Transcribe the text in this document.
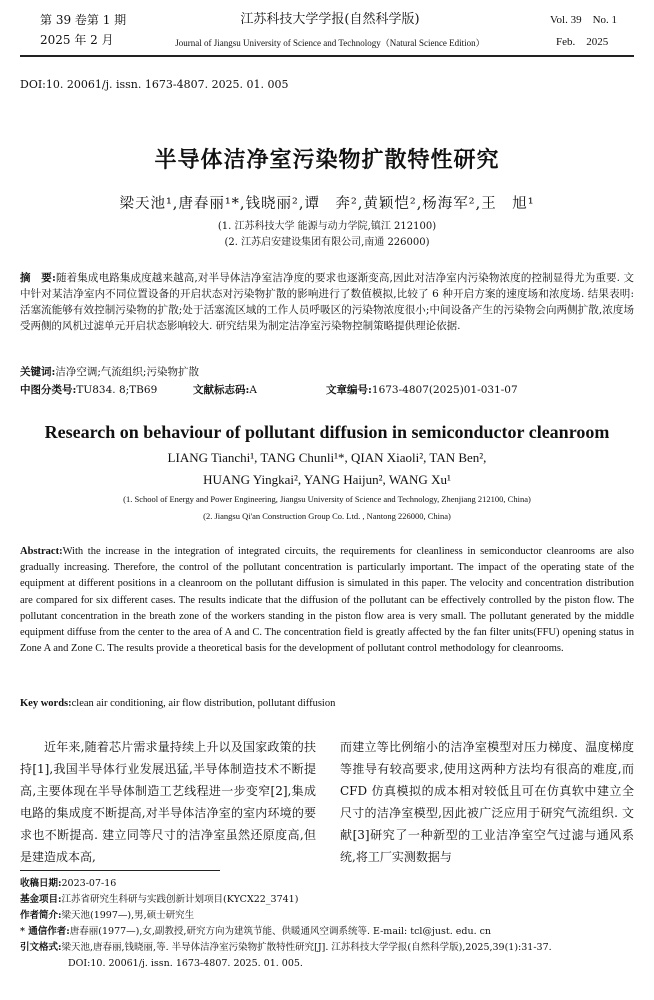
第 39 卷第 1 期
2025 年 2 月
江苏科技大学学报(自然科学版)
Journal of Jiangsu University of Science and Technology（Natural Science Edition）
Vol. 39　No. 1
Feb.　2025
DOI:10. 20061/j. issn. 1673-4807. 2025. 01. 005
半导体洁净室污染物扩散特性研究
梁天池¹,唐春丽¹*,钱晓丽²,谭　奔²,黄颖恺²,杨海军²,王　旭¹
(1. 江苏科技大学 能源与动力学院,镇江 212100)
(2. 江苏启安建设集团有限公司,南通 226000)
摘　要:随着集成电路集成度越来越高,对半导体洁净室洁净度的要求也逐渐变高,因此对洁净室内污染物浓度的控制显得尤为重要. 文中针对某洁净室内不同位置设备的开启状态对污染物扩散的影响进行了数值模拟,比较了 6 种开启方案的速度场和浓度场. 结果表明:活塞流能够有效控制污染物的扩散;处于活塞流区域的工作人员呼吸区的污染物浓度很小;中间设备产生的污染物会向两侧扩散,浓度场受两侧的风机过滤单元开启状态影响较大. 研究结果为制定洁净室污染物控制策略提供理论依据.
关键词:洁净空调;气流组织;污染物扩散
中图分类号:TU834. 8;TB69	文献标志码:A	文章编号:1673-4807(2025)01-031-07
Research on behaviour of pollutant diffusion in semiconductor cleanroom
LIANG Tianchi¹, TANG Chunli¹*, QIAN Xiaoli², TAN Ben²,
HUANG Yingkai², YANG Haijun², WANG Xu¹
(1. School of Energy and Power Engineering, Jiangsu University of Science and Technology, Zhenjiang 212100, China)
(2. Jiangsu Qi'an Construction Group Co. Ltd. , Nantong 226000, China)
Abstract:With the increase in the integration of integrated circuits, the requirements for cleanliness in semiconductor cleanrooms are also gradually increasing. Therefore, the control of the pollutant concentration is particularly important. The impact of the operating state of the equipment at different positions in a cleanroom on the pollutant diffusion is simulated in this paper. The velocity and concentration distribution are compared for six different cases. The results indicate that the diffusion of the pollutant can be effectively controlled by the piston flow. The pollutant concentration in the breath zone of the workers standing in the piston flow area is very small. The pollutant generated by the middle equipment diffuse from the center to the area of A and C. The concentration field is greatly affected by the fan filter units(FFU) opening status in Zone A and Zone C. The results provide a theoretical basis for the development of pollutant control methodology for cleanrooms.
Key words:clean air conditioning, air flow distribution, pollutant diffusion
近年来,随着芯片需求量持续上升以及国家政策的扶持[1],我国半导体行业发展迅猛,半导体制造技术不断提高,主要体现在半导体制造工艺线程进一步变窄[2],集成电路的集成度不断提高,对半导体洁净室的室内环境的要求也不断提高. 建立同等尺寸的洁净室虽然还原度高,但是建造成本高,
而建立等比例缩小的洁净室模型对压力梯度、温度梯度等推导有较高要求,使用这两种方法均有很高的难度,而 CFD 仿真模拟的成本相对较低且可在仿真软中建立全尺寸的洁净室模型,因此被广泛应用于研究气流组织. 文献[3]研究了一种新型的工业洁净室空气过滤与通风系统,将工厂实测数据与
收稿日期:2023-07-16
基金项目:江苏省研究生科研与实践创新计划项目(KYCX22_3741)
作者简介:梁天池(1997—),男,硕士研究生
* 通信作者:唐春丽(1977—),女,副教授,研究方向为建筑节能、供暖通风空调系统等. E-mail: tcl@just. edu. cn
引文格式:梁天池,唐春丽,钱晓丽,等. 半导体洁净室污染物扩散特性研究[J]. 江苏科技大学学报(自然科学版),2025,39(1):31-37.
DOI:10. 20061/j. issn. 1673-4807. 2025. 01. 005.
